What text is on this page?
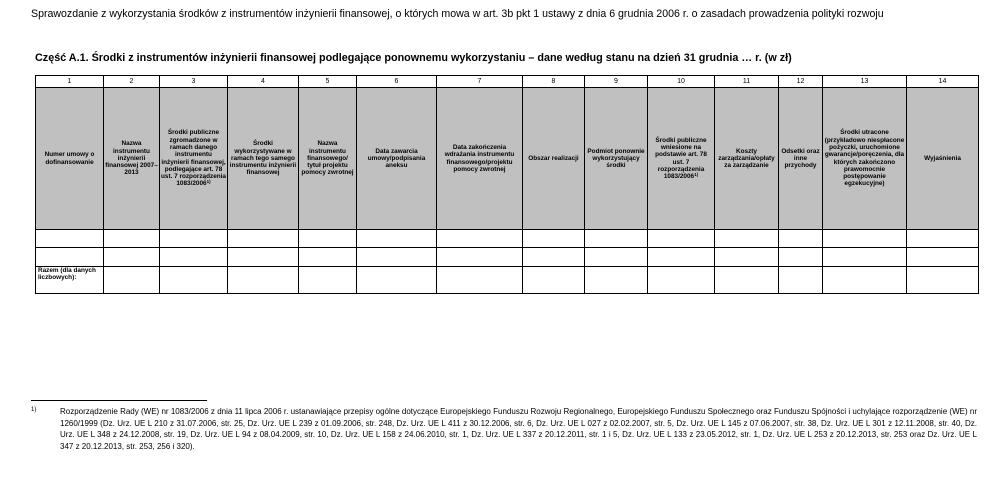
Sprawozdanie z wykorzystania środków z instrumentów inżynierii finansowej, o których mowa w art. 3b pkt 1 ustawy z dnia 6 grudnia 2006 r. o zasadach prowadzenia polityki rozwoju
Część A.1. Środki z instrumentów inżynierii finansowej podlegające ponownemu wykorzystaniu – dane według stanu na dzień 31 grudnia … r. (w zł)
1	2	3	4	5	6	7	8	9	10	11	12	13	14
Numer umowy o dofinansowanie	Nazwa instrumentu inżynierii finansowej 2007–2013	Środki publiczne zgromadzone w ramach danego instrumentu inżynierii finansowej, podlegające art. 78 ust. 7 rozporządzenia 1083/2006$^{1)}$	Środki wykorzystywane w ramach tego samego instrumentu inżynierii finansowej	Nazwa instrumentu finansowego/ tytuł projektu pomocy zwrotnej	Data zawarcia umowy/podpisania aneksu	Data zakończenia wdrażania instrumentu finansowego/projektu pomocy zwrotnej	Obszar realizacji	Podmiot ponownie wykorzystujący środki	Środki publiczne wniesione na podstawie art. 78 ust. 7 rozporządzenia 1083/2006$^{1)}$	Koszty zarządzania/opłaty za zarządzanie	Odsetki oraz inne przychody	Środki utracone (przykładowo niespłacone pożyczki, uruchomione gwarancje/poręczenia, dla których zakończono prawomocnie postępowanie egzekucyjne)	Wyjaśnienia

Razem (dla danych liczbowych):													
1)	Rozporządzenie Rady (WE) nr 1083/2006 z dnia 11 lipca 2006 r. ustanawiające przepisy ogólne dotyczące Europejskiego Funduszu Rozwoju Regionalnego, Europejskiego Funduszu Społecznego oraz Funduszu Spójności i uchylające rozporządzenie (WE) nr 1260/1999 (Dz. Urz. UE L 210 z 31.07.2006, str. 25, Dz. Urz. UE L 239 z 01.09.2006, str. 248, Dz. Urz. UE L 411 z 30.12.2006, str. 6, Dz. Urz. UE L 027 z 02.02.2007, str. 5, Dz. Urz. UE L 145 z 07.06.2007, str. 38, Dz. Urz. UE L 301 z 12.11.2008, str. 40, Dz. Urz. UE L 348 z 24.12.2008, str. 19, Dz. Urz. UE L 94 z 08.04.2009, str. 10, Dz. Urz. UE L 158 z 24.06.2010, str. 1, Dz. Urz. UE L 337 z 20.12.2011, str. 1 i 5, Dz. Urz. UE L 133 z 23.05.2012, str. 1, Dz. Urz. UE L 253 z 20.12.2013, str. 253 oraz Dz. Urz. UE L 347 z 20.12.2013, str. 253, 256 i 320).
